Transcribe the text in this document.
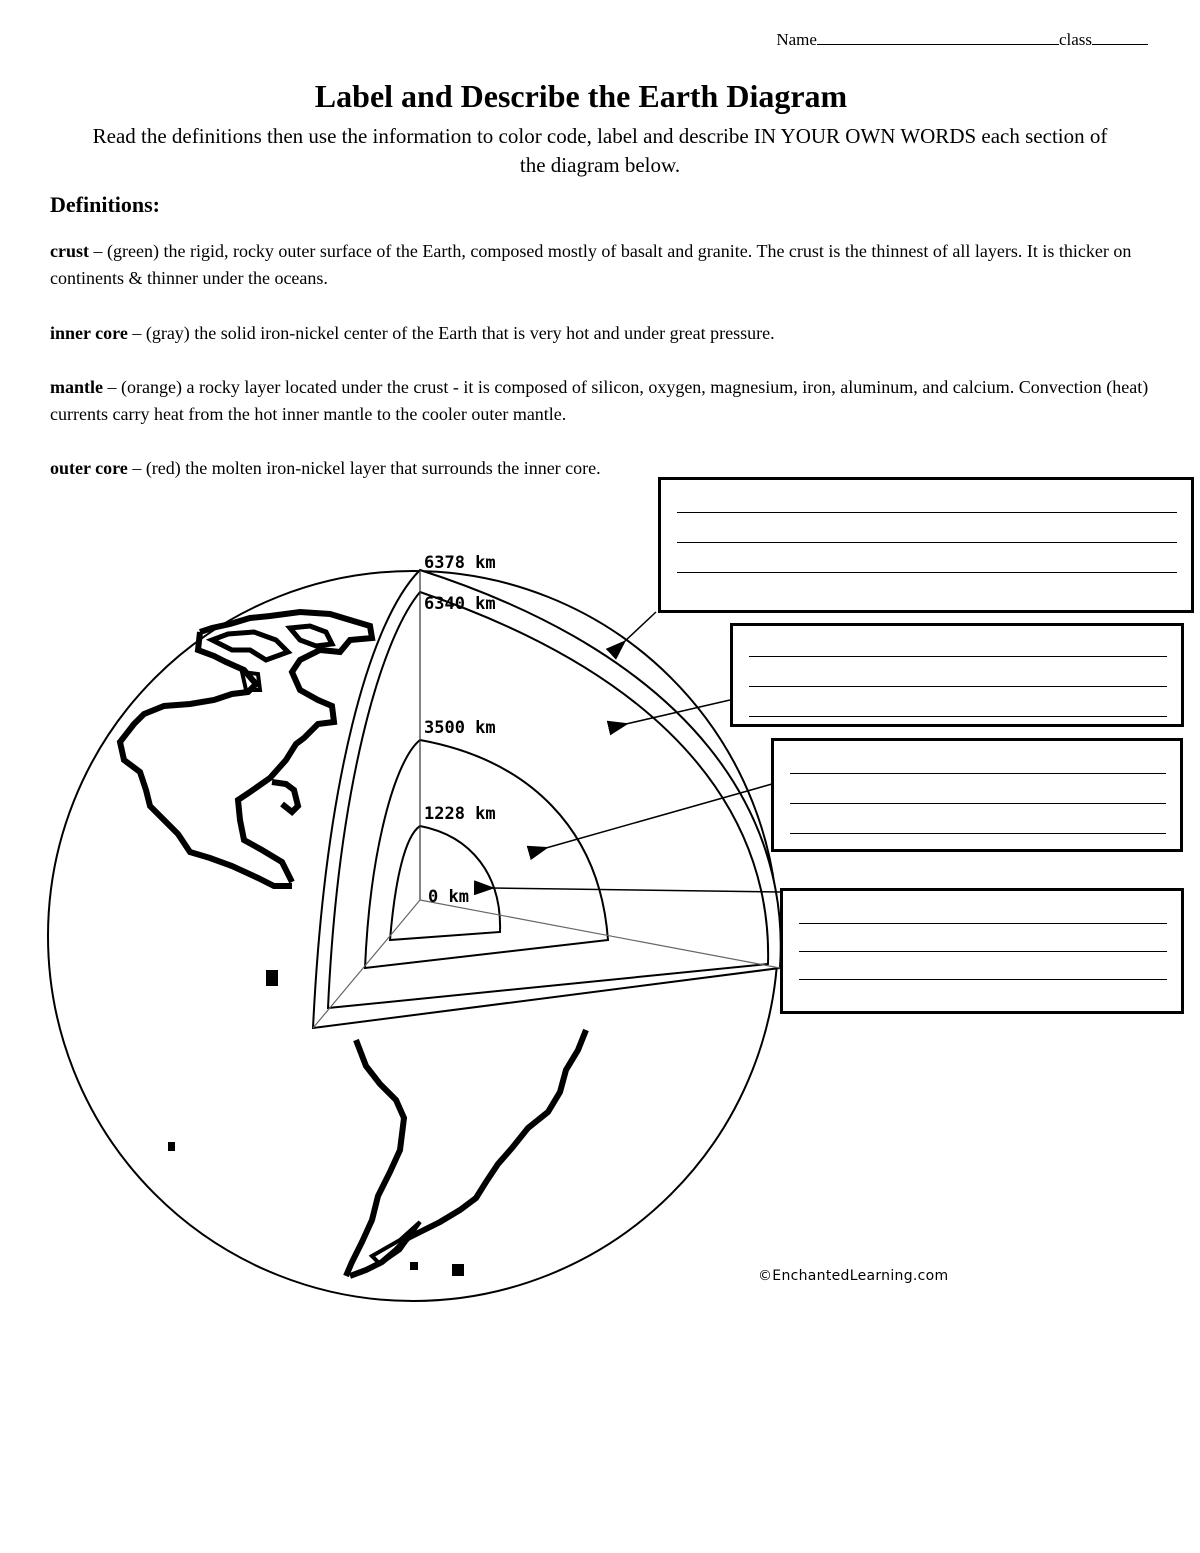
Name	class
Label and Describe the Earth Diagram

Read the definitions then use the information to color code, label and describe IN YOUR OWN WORDS each section of the diagram below.

Definitions:

crust – (green) the rigid, rocky outer surface of the Earth, composed mostly of basalt and granite. The crust is the thinnest of all layers. It is thicker on continents & thinner under the oceans.

inner core – (gray) the solid iron-nickel center of the Earth that is very hot and under great pressure.

mantle – (orange) a rocky layer located under the crust - it is composed of silicon, oxygen, magnesium, iron, aluminum, and calcium. Convection (heat) currents carry heat from the hot inner mantle to the cooler outer mantle.

outer core – (red) the molten iron-nickel layer that surrounds the inner core.

6378 km
6340 km
3500 km
1228 km
0 km
©EnchantedLearning.com
